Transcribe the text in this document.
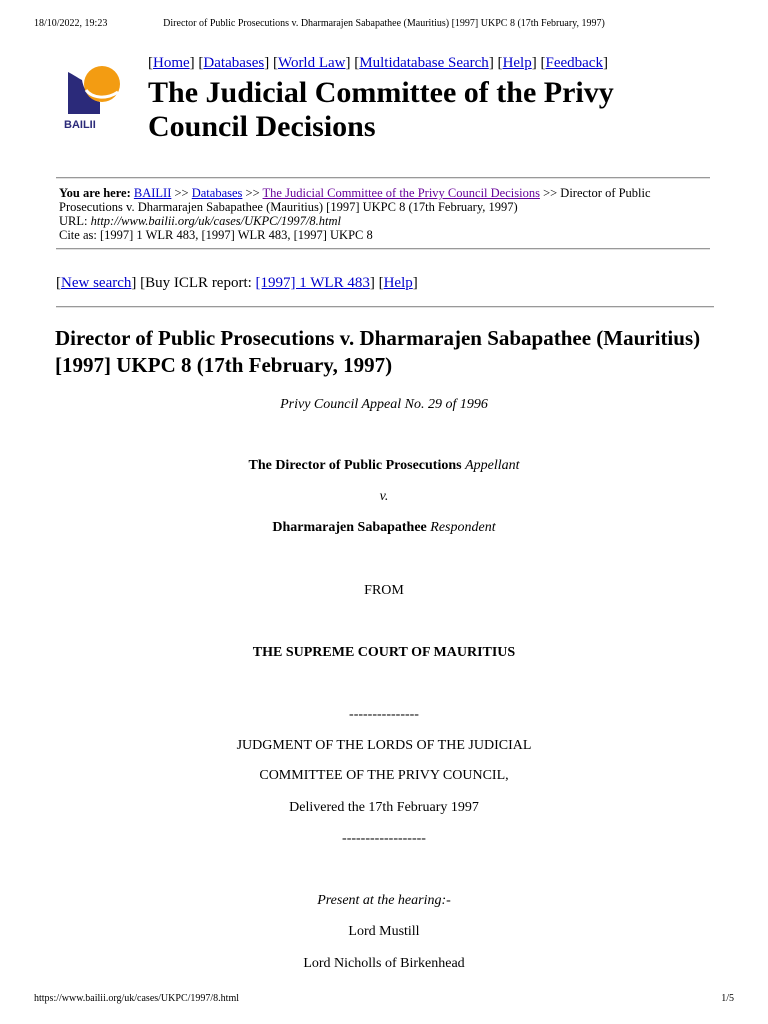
18/10/2022, 19:23	Director of Public Prosecutions v. Dharmarajen Sabapathee (Mauritius) [1997] UKPC 8 (17th February, 1997)
BAILII
[Home] [Databases] [World Law] [Multidatabase Search] [Help] [Feedback]
The Judicial Committee of the Privy Council Decisions
You are here: BAILII >> Databases >> The Judicial Committee of the Privy Council Decisions >> Director of Public Prosecutions v. Dharmarajen Sabapathee (Mauritius) [1997] UKPC 8 (17th February, 1997)
URL: http://www.bailii.org/uk/cases/UKPC/1997/8.html
Cite as: [1997] 1 WLR 483, [1997] WLR 483, [1997] UKPC 8
[New search] [Buy ICLR report: [1997] 1 WLR 483] [Help]
Director of Public Prosecutions v. Dharmarajen Sabapathee (Mauritius) [1997] UKPC 8 (17th February, 1997)
Privy Council Appeal No. 29 of 1996
The Director of Public Prosecutions Appellant
v.
Dharmarajen Sabapathee Respondent
FROM
THE SUPREME COURT OF MAURITIUS
---------------
JUDGMENT OF THE LORDS OF THE JUDICIAL
COMMITTEE OF THE PRIVY COUNCIL,
Delivered the 17th February 1997
------------------
Present at the hearing:-
Lord Mustill
Lord Nicholls of Birkenhead
https://www.bailii.org/uk/cases/UKPC/1997/8.html	1/5
